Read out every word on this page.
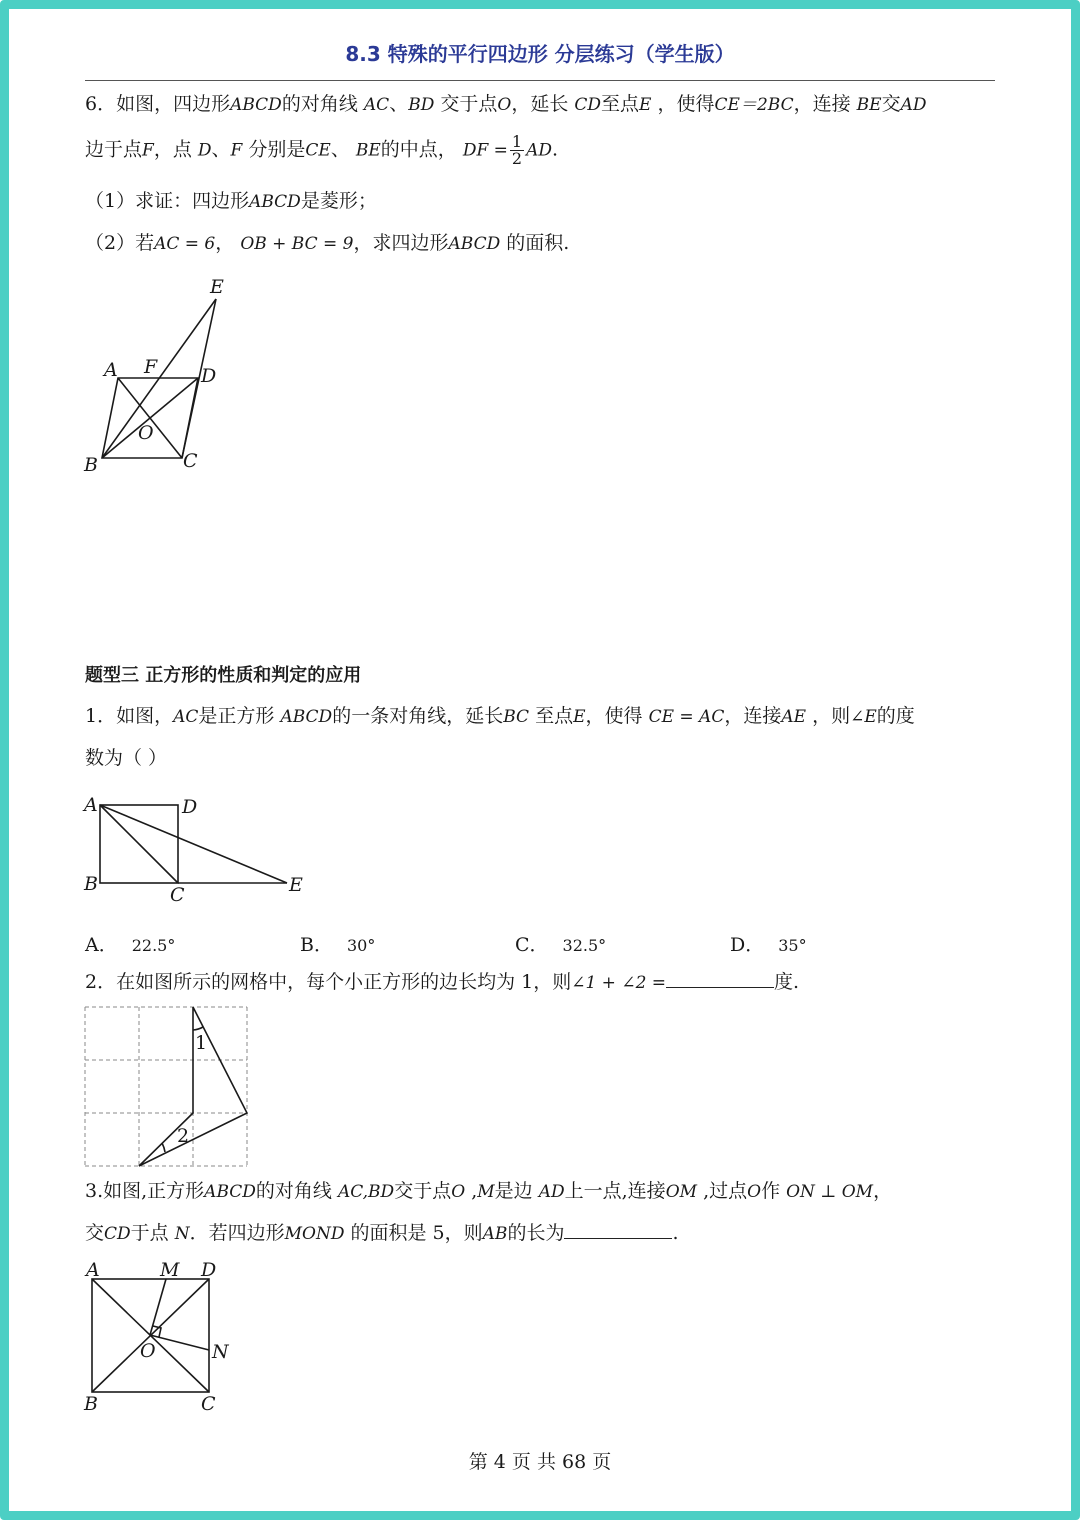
8.3 特殊的平行四边形 分层练习（学生版）
6．如图，四边形ABCD的对角线 AC、BD 交于点O，延长 CD至点E ，使得CE＝2BC，连接 BE交AD
边于点F，点 D、F 分别是CE、 BE的中点， DF = $\frac{1}{2}$ AD.
（1）求证：四边形ABCD是菱形；
（2）若AC = 6， OB + BC = 9，求四边形ABCD 的面积.
A F D
O
B	C
E
题型三 正方形的性质和判定的应用
1．如图，AC是正方形 ABCD的一条对角线，延长BC 至点E，使得 CE = AC，连接AE ，则∠E的度
数为（ ）
A	D
B	C	E
A． 22.5°	B． 30°	C． 32.5°	D． 35°
2．在如图所示的网格中，每个小正方形的边长均为 1，则∠1 + ∠2 =	度.
1
2
3.如图,正方形ABCD的对角线 AC,BD交于点O ,M是边 AD上一点,连接OM ,过点O作 ON ⊥ OM，
交CD于点 N．若四边形MOND 的面积是 5，则AB的长为	.
A	M D
O	N
B	C
第 4 页 共 68 页
